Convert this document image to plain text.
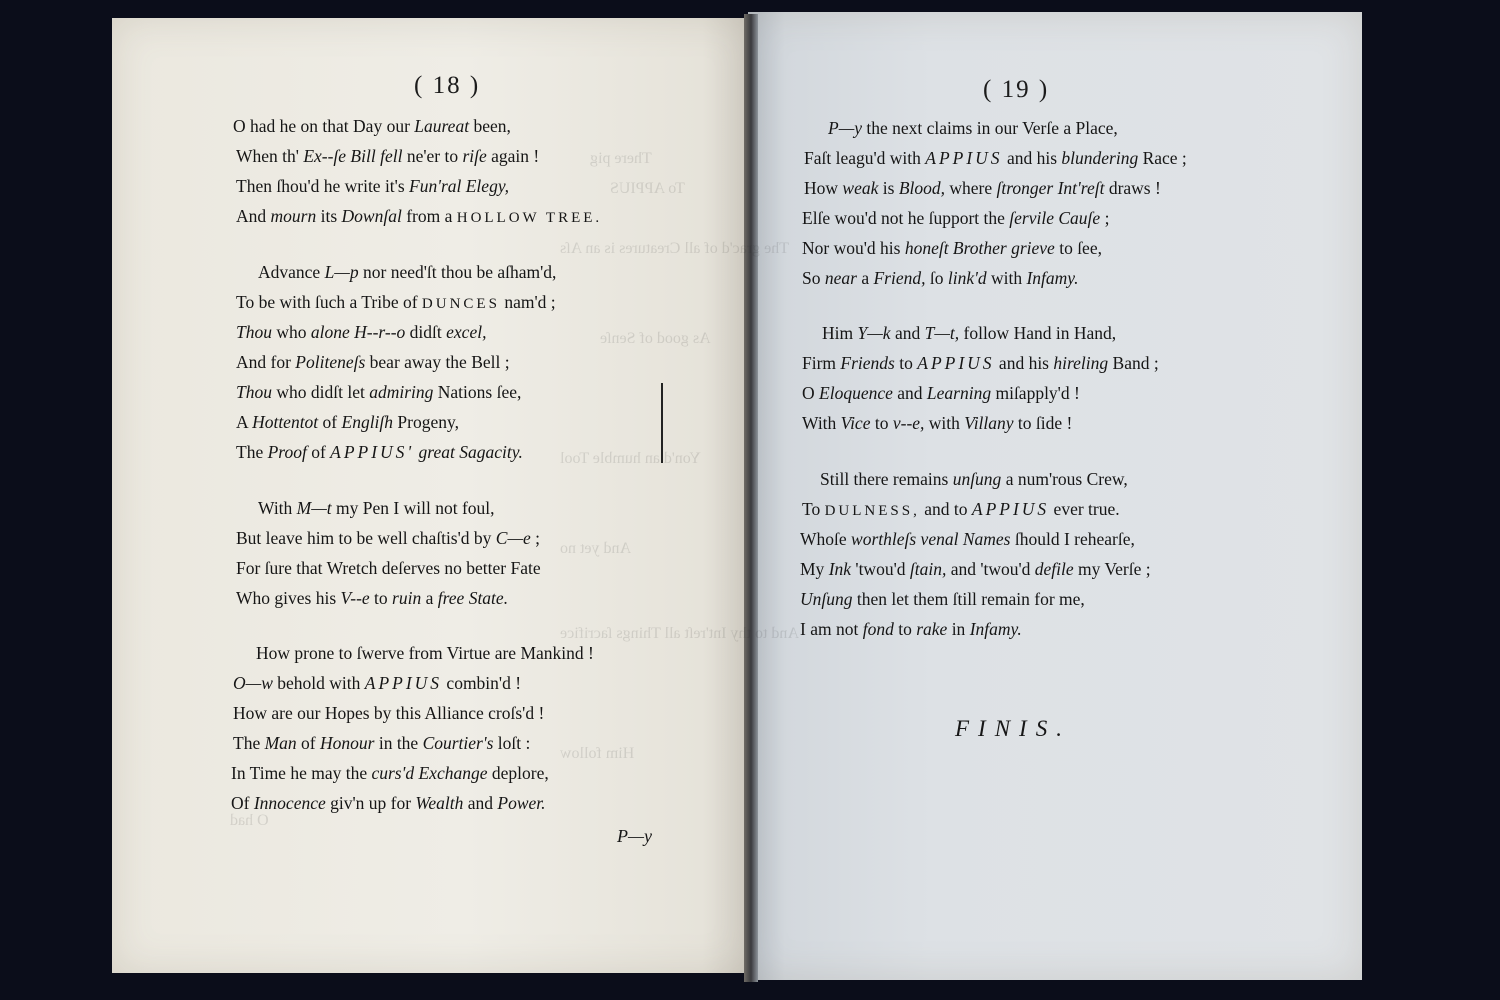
There pig
To APPIUS
The grac'd of all Creatures is an Aſs
As good of Senſe
Yon'd an humble Tool
And yet no
And to thy Int'reſt all Things ſacrifice
Him follow
O had
( 18 )
O had he on that Day our Laureat been,
When th' Ex--ſe Bill fell ne'er to riſe again !
Then ſhou'd he write it's Fun'ral Elegy,
And mourn its Downſal from a HOLLOW TREE.
Advance L—p nor need'ſt thou be aſham'd,
To be with ſuch a Tribe of DUNCES nam'd ;
Thou who alone H--r--o didſt excel,
And for Politeneſs bear away the Bell ;
Thou who didſt let admiring Nations ſee,
A Hottentot of Engliſh Progeny,
The Proof of APPIUS' great Sagacity.
With M—t my Pen I will not foul,
But leave him to be well chaſtis'd by C—e ;
For ſure that Wretch deſerves no better Fate
Who gives his V--e to ruin a free State.
How prone to ſwerve from Virtue are Mankind !
O—w behold with APPIUS combin'd !
How are our Hopes by this Alliance croſs'd !
The Man of Honour in the Courtier's loſt :
In Time he may the curs'd Exchange deplore,
Of Innocence giv'n up for Wealth and Power.
P—y
( 19 )
P—y the next claims in our Verſe a Place,
Faſt leagu'd with APPIUS and his blundering Race ;
How weak is Blood, where ſtronger Int'reſt draws !
Elſe wou'd not he ſupport the ſervile Cauſe ;
Nor wou'd his honeſt Brother grieve to ſee,
So near a Friend, ſo link'd with Infamy.
Him Y—k and T—t, follow Hand in Hand,
Firm Friends to APPIUS and his hireling Band ;
O Eloquence and Learning miſapply'd !
With Vice to v--e, with Villany to ſide !
Still there remains unſung a num'rous Crew,
To DULNESS, and to APPIUS ever true.
Whoſe worthleſs venal Names ſhould I rehearſe,
My Ink 'twou'd ſtain, and 'twou'd defile my Verſe ;
Unſung then let them ſtill remain for me,
I am not fond to rake in Infamy.
FINIS.
